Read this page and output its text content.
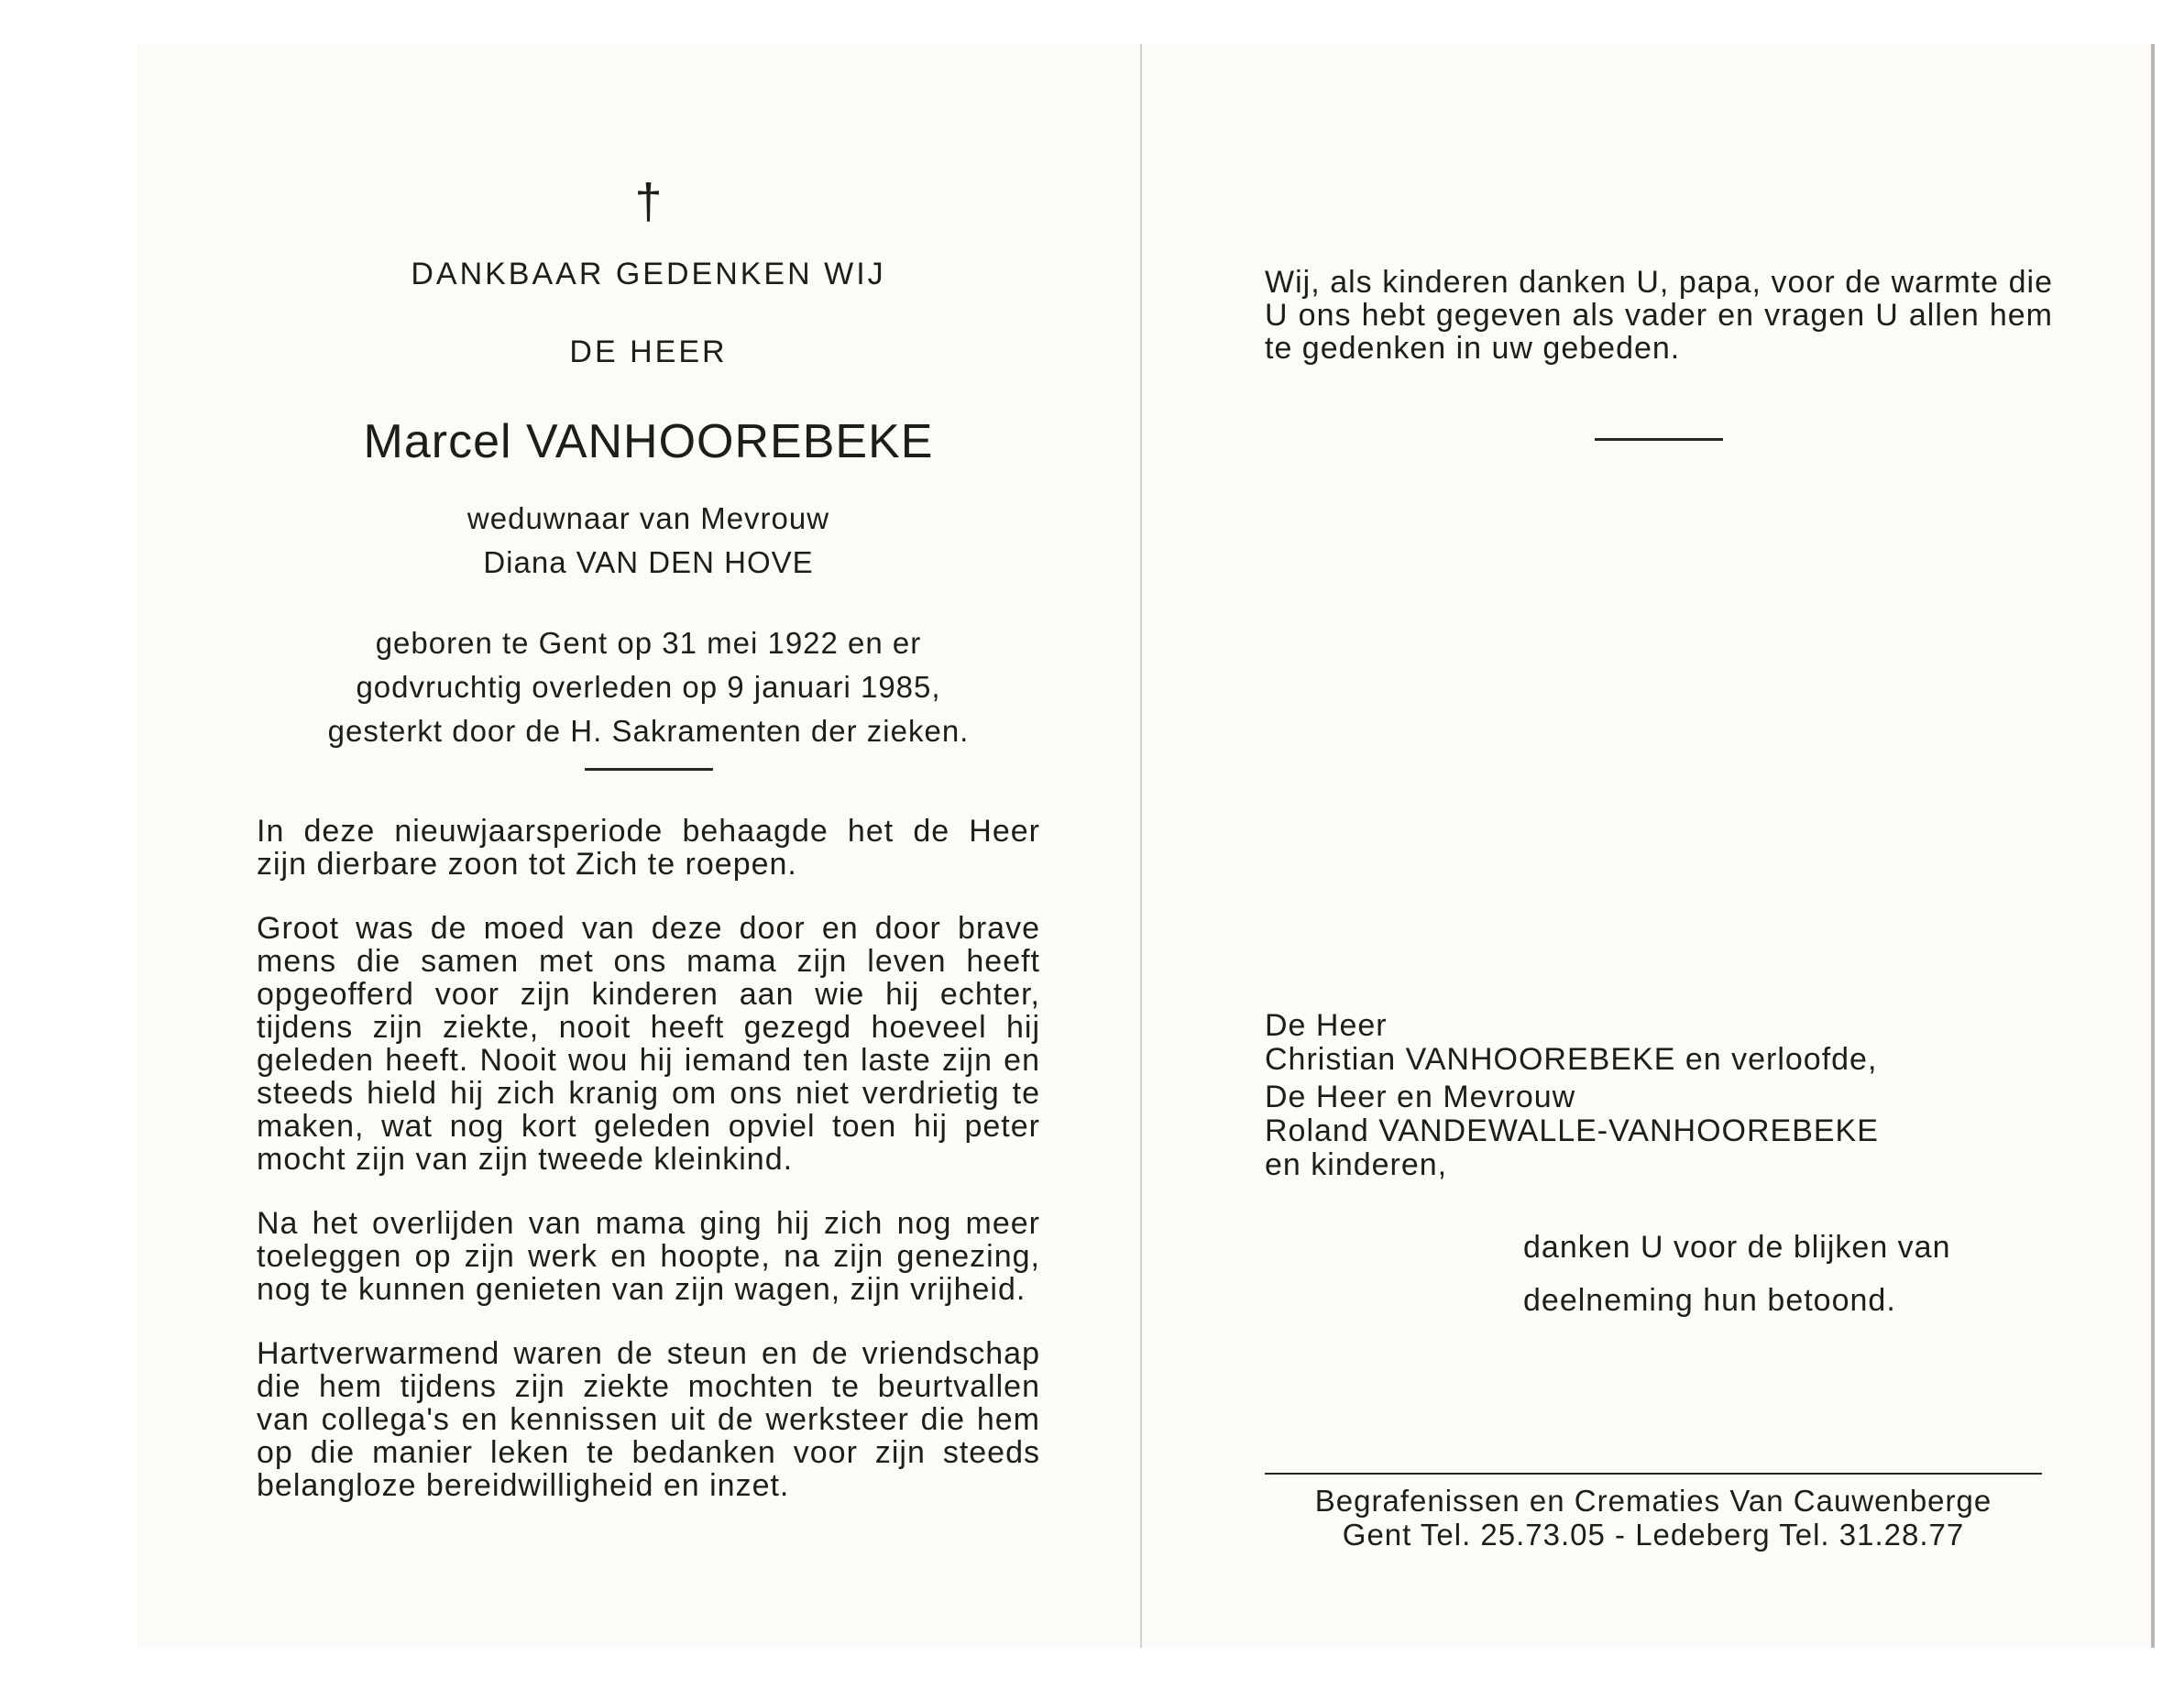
†
DANKBAAR GEDENKEN WIJ
DE HEER
Marcel VANHOOREBEKE
weduwnaar van Mevrouw
Diana VAN DEN HOVE
geboren te Gent op 31 mei 1922 en er
godvruchtig overleden op 9 januari 1985,
gesterkt door de H. Sakramenten der zieken.

In deze nieuwjaarsperiode behaagde het de Heer zijn dierbare zoon tot Zich te roepen.

Groot was de moed van deze door en door brave mens die samen met ons mama zijn leven heeft opgeofferd voor zijn kinderen aan wie hij echter, tijdens zijn ziekte, nooit heeft gezegd hoeveel hij geleden heeft. Nooit wou hij iemand ten laste zijn en steeds hield hij zich kranig om ons niet verdrietig te maken, wat nog kort geleden opviel toen hij peter mocht zijn van zijn tweede kleinkind.

Na het overlijden van mama ging hij zich nog meer toeleggen op zijn werk en hoopte, na zijn genezing, nog te kunnen genieten van zijn wagen, zijn vrijheid.

Hartverwarmend waren de steun en de vriendschap die hem tijdens zijn ziekte mochten te beurtvallen van collega's en kennissen uit de werksteer die hem op die manier leken te bedanken voor zijn steeds belangloze bereidwilligheid en inzet.

Wij, als kinderen danken U, papa, voor de warmte die U ons hebt gegeven als vader en vragen U allen hem te gedenken in uw gebeden.

De Heer
Christian VANHOOREBEKE en verloofde,
De Heer en Mevrouw
Roland VANDEWALLE-VANHOOREBEKE
en kinderen,
danken U voor de blijken van
deelneming hun betoond.
Begrafenissen en Crematies Van Cauwenberge
Gent Tel. 25.73.05 - Ledeberg Tel. 31.28.77
